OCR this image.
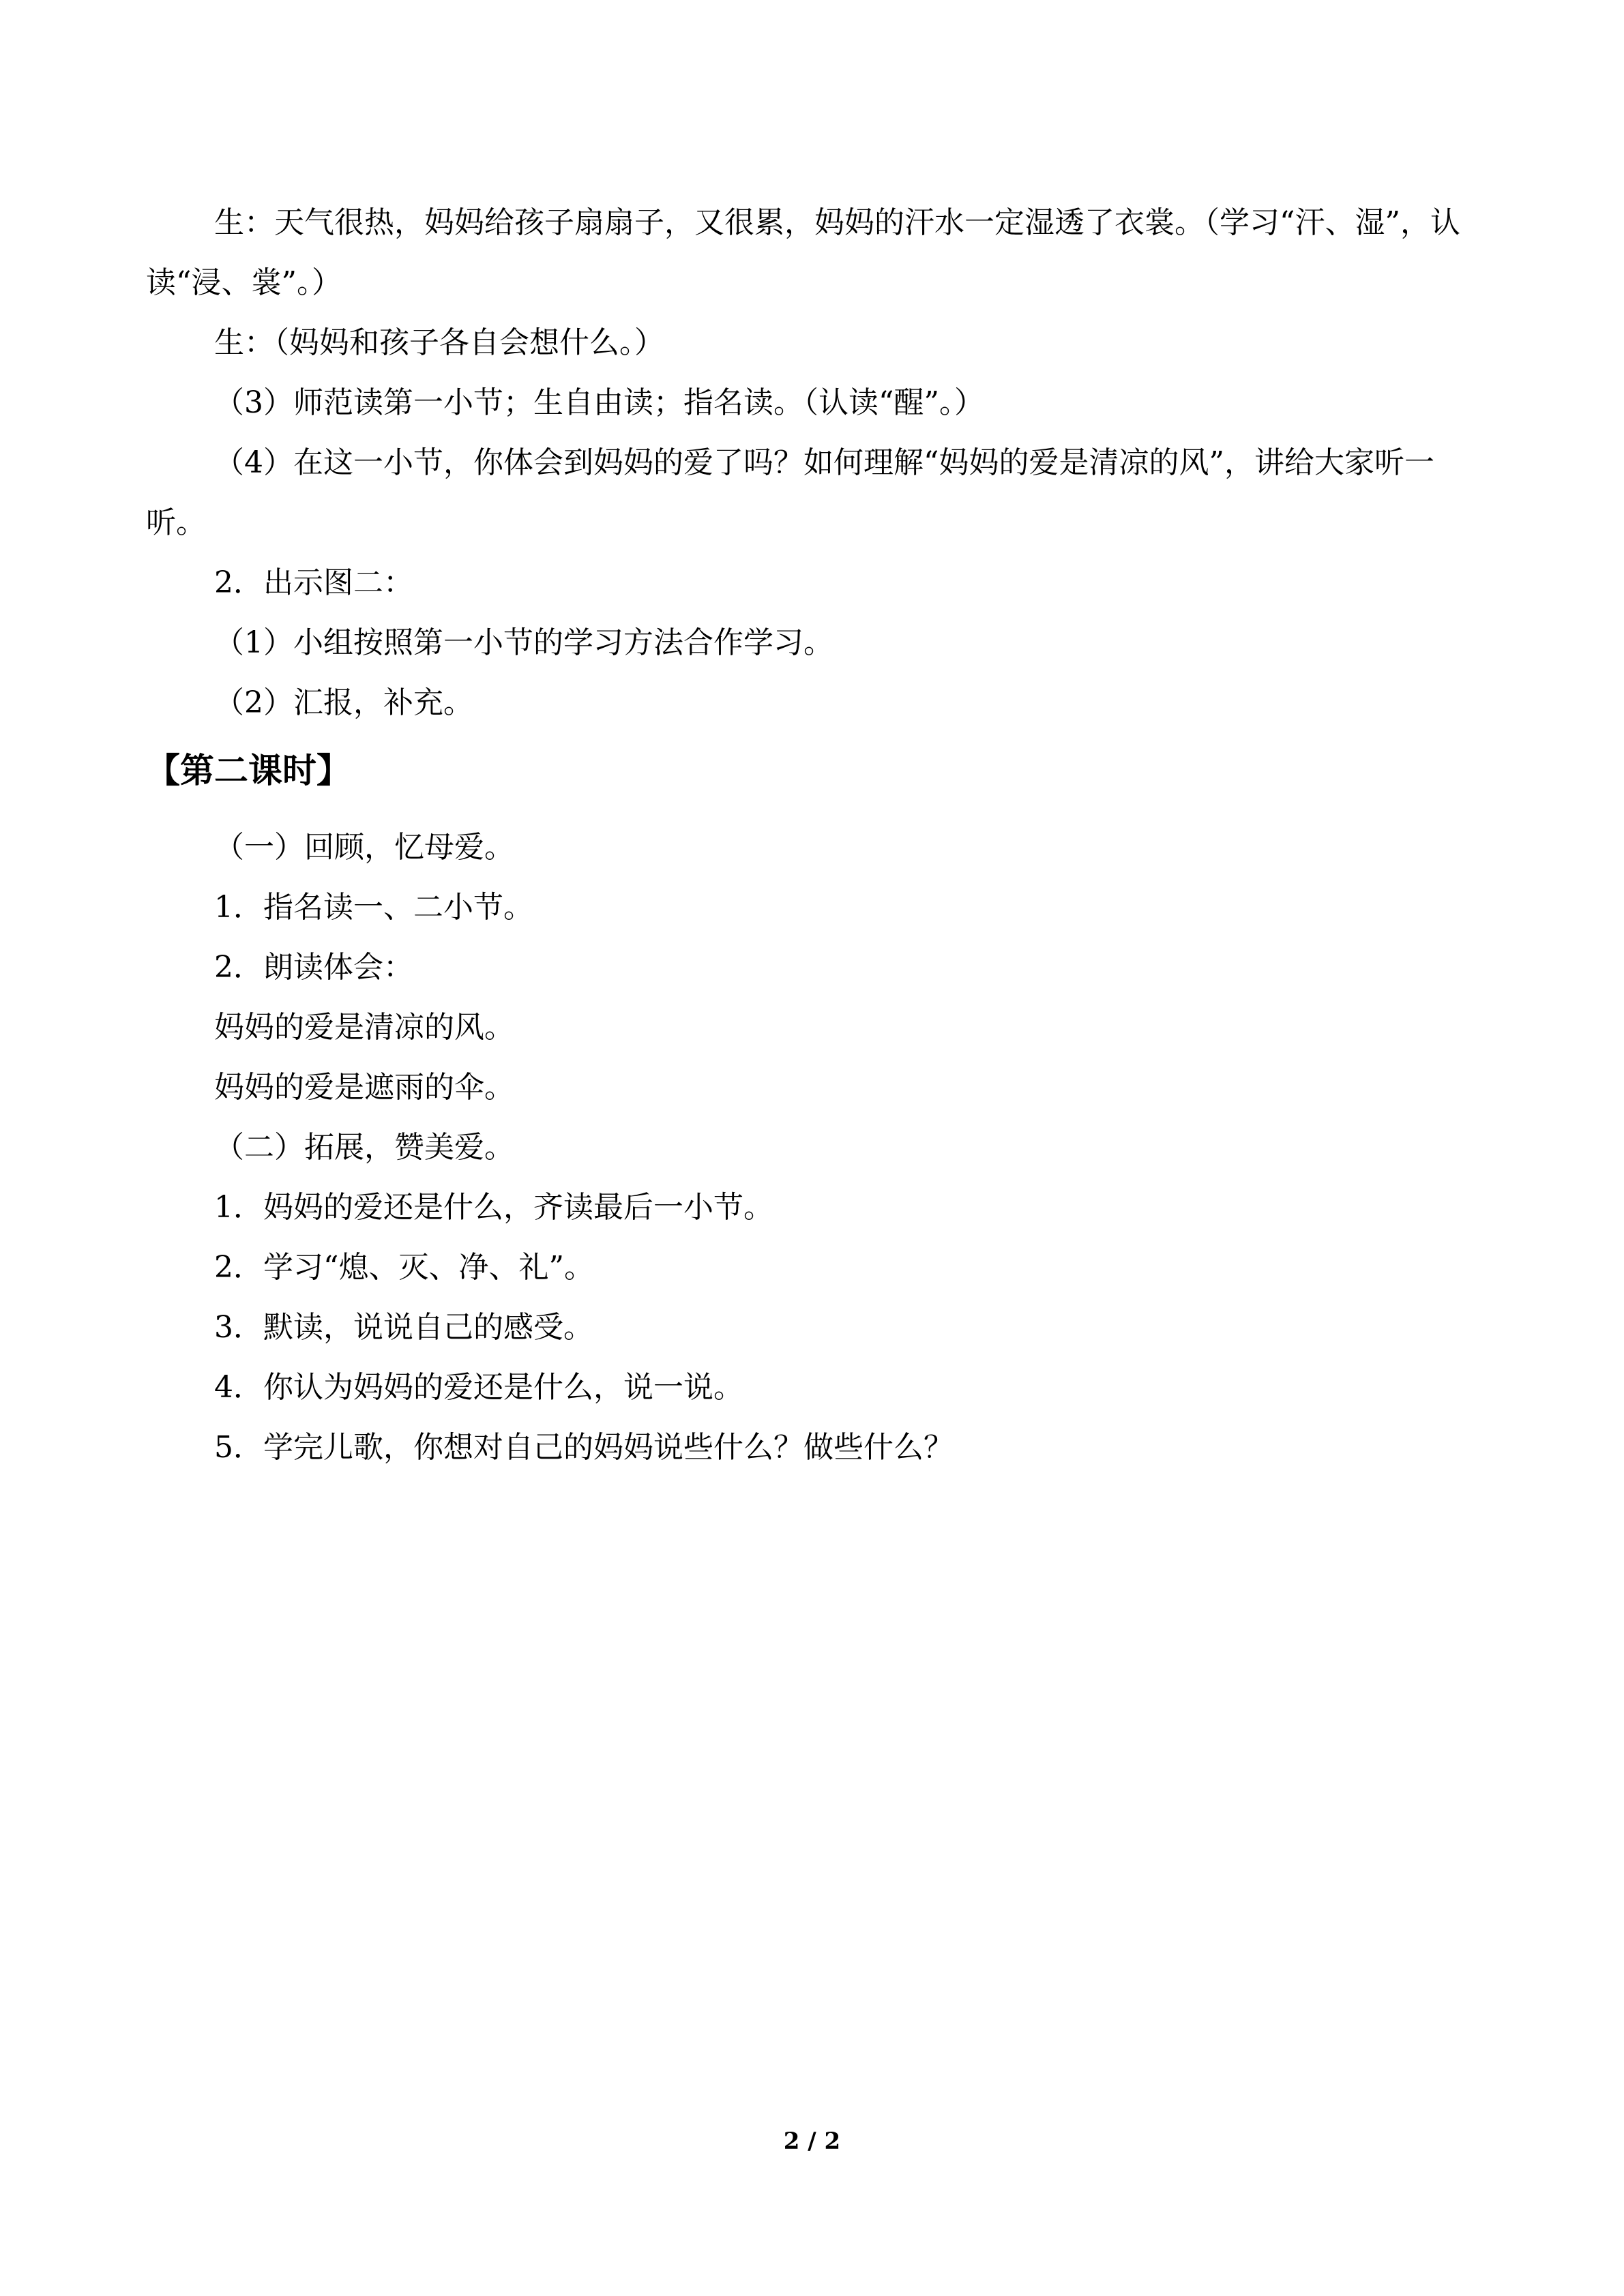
生：天气很热，妈妈给孩子扇扇子，又很累，妈妈的汗水一定湿透了衣裳。（学习“汗、湿”，认读“浸、裳”。）

生：（妈妈和孩子各自会想什么。）

（3）师范读第一小节；生自由读；指名读。（认读“醒”。）

（4）在这一小节，你体会到妈妈的爱了吗？如何理解“妈妈的爱是清凉的风”，讲给大家听一听。

2．出示图二：

（1）小组按照第一小节的学习方法合作学习。

（2）汇报，补充。

【第二课时】

（一）回顾，忆母爱。

1．指名读一、二小节。

2．朗读体会：

妈妈的爱是清凉的风。

妈妈的爱是遮雨的伞。

（二）拓展，赞美爱。

1．妈妈的爱还是什么，齐读最后一小节。

2．学习“熄、灭、净、礼”。

3．默读，说说自己的感受。

4．你认为妈妈的爱还是什么，说一说。

5．学完儿歌，你想对自己的妈妈说些什么？做些什么？

2 / 2
